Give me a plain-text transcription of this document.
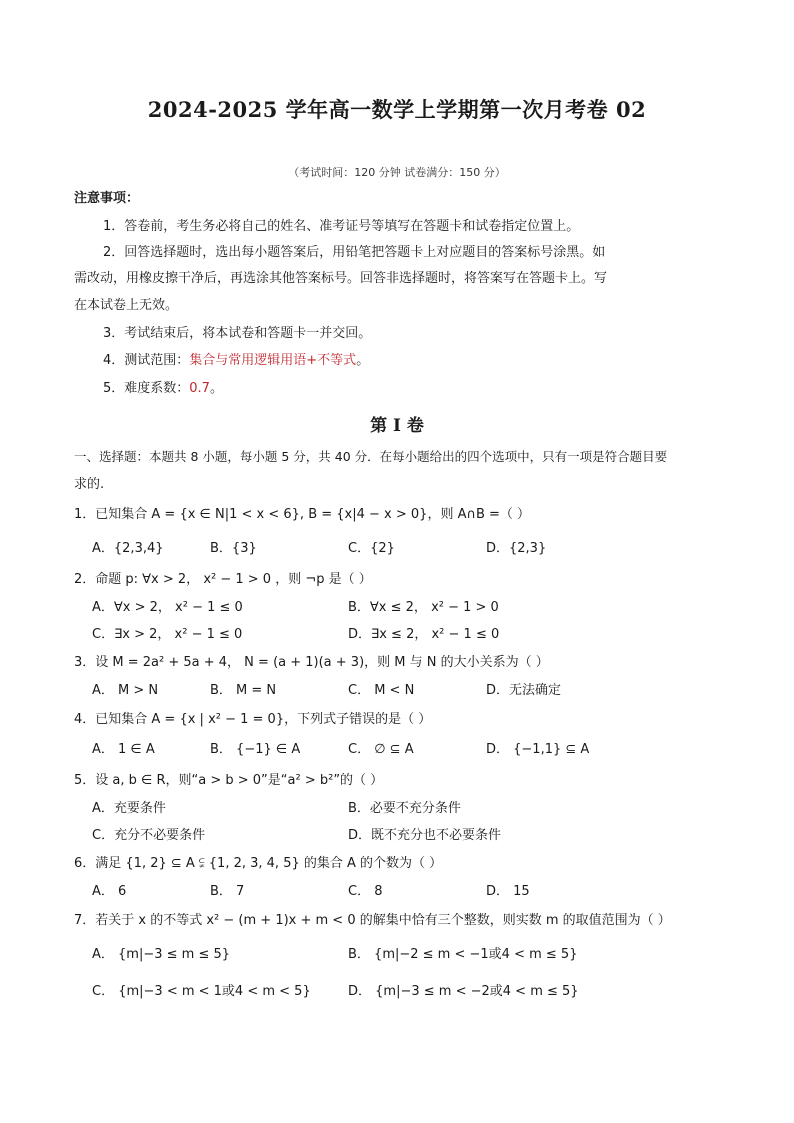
2024-2025 学年高一数学上学期第一次月考卷 02
（考试时间：120 分钟 试卷满分：150 分）
注意事项：
1．答卷前，考生务必将自己的姓名、准考证号等填写在答题卡和试卷指定位置上。
2．回答选择题时，选出每小题答案后，用铅笔把答题卡上对应题目的答案标号涂黑。如
需改动，用橡皮擦干净后，再选涂其他答案标号。回答非选择题时，将答案写在答题卡上。写
在本试卷上无效。
3．考试结束后，将本试卷和答题卡一并交回。
4．测试范围：集合与常用逻辑用语+不等式。
5．难度系数：0.7。
第 I 卷
一、选择题：本题共 8 小题，每小题 5 分，共 40 分．在每小题给出的四个选项中，只有一项是符合题目要
求的.
1．已知集合 A = {x ∈ N|1 < x < 6}, B = {x|4 − x > 0}，则 A∩B =（ ）
A．{2,3,4}	B．{3}	C．{2}	D．{2,3}
2．命题 p: ∀x > 2， x² − 1 > 0 ，则 ¬p 是（ ）
A．∀x > 2， x² − 1 ≤ 0	B．∀x ≤ 2， x² − 1 > 0
C．∃x > 2， x² − 1 ≤ 0	D．∃x ≤ 2， x² − 1 ≤ 0
3．设 M = 2a² + 5a + 4， N = (a + 1)(a + 3)，则 M 与 N 的大小关系为（ ）
A． M > N	B． M = N	C． M < N	D．无法确定
4．已知集合 A = {x | x² − 1 = 0}，下列式子错误的是（ ）
A． 1 ∈ A	B． {−1} ∈ A	C． ∅ ⊆ A	D． {−1,1} ⊆ A
5．设 a, b ∈ R，则“a > b > 0”是“a² > b²”的（ ）
A．充要条件	B．必要不充分条件
C．充分不必要条件	D．既不充分也不必要条件
6．满足 {1, 2} ⊆ A ⫋ {1, 2, 3, 4, 5} 的集合 A 的个数为（ ）
A． 6	B． 7	C． 8	D． 15
7．若关于 x 的不等式 x² − (m + 1)x + m < 0 的解集中恰有三个整数，则实数 m 的取值范围为（ ）
A． {m|−3 ≤ m ≤ 5}	B． {m|−2 ≤ m < −1或4 < m ≤ 5}
C． {m|−3 < m < 1或4 < m < 5}	D． {m|−3 ≤ m < −2或4 < m ≤ 5}
